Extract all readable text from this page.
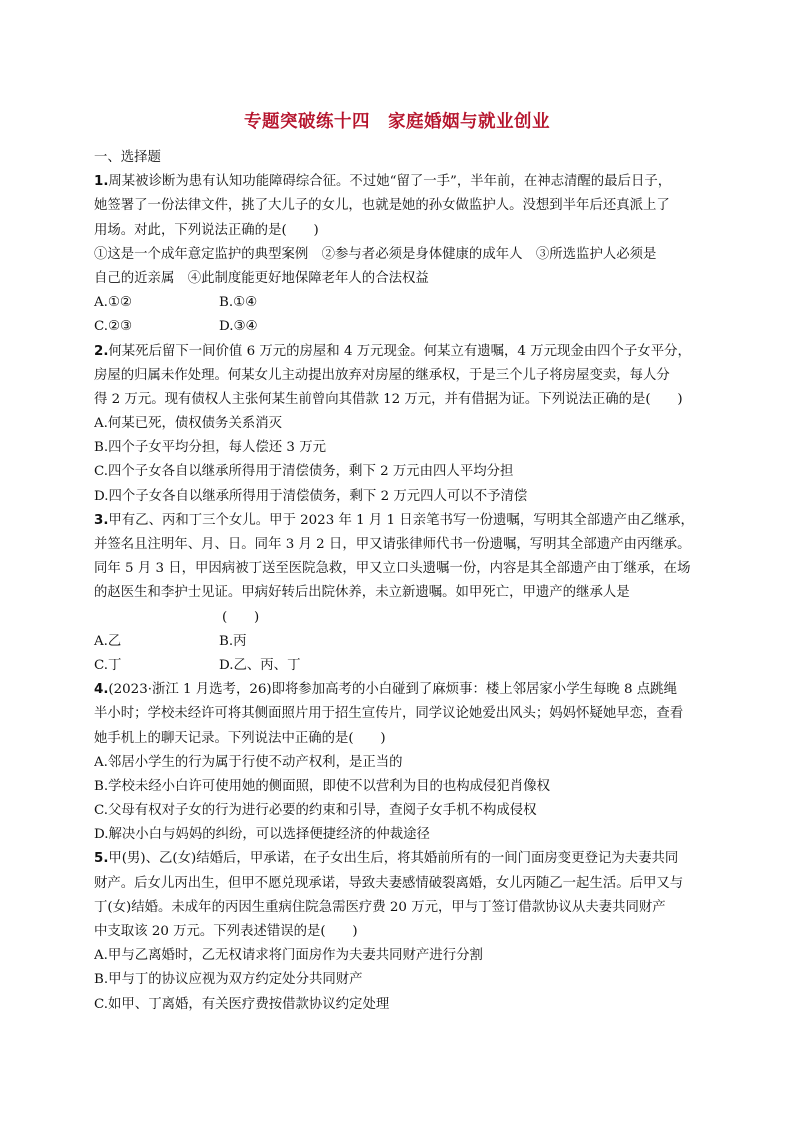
专题突破练十四　家庭婚姻与就业创业
一、选择题
1.周某被诊断为患有认知功能障碍综合征。不过她“留了一手”，半年前，在神志清醒的最后日子，
她签署了一份法律文件，挑了大儿子的女儿，也就是她的孙女做监护人。没想到半年后还真派上了
用场。对此，下列说法正确的是(　　)
①这是一个成年意定监护的典型案例　②参与者必须是身体健康的成年人　③所选监护人必须是
自己的近亲属　④此制度能更好地保障老年人的合法权益
A.①②	B.①④
C.②③	D.③④
2.何某死后留下一间价值 6 万元的房屋和 4 万元现金。何某立有遗嘱，4 万元现金由四个子女平分，
房屋的归属未作处理。何某女儿主动提出放弃对房屋的继承权，于是三个儿子将房屋变卖，每人分
得 2 万元。现有债权人主张何某生前曾向其借款 12 万元，并有借据为证。下列说法正确的是(　　)
A.何某已死，债权债务关系消灭
B.四个子女平均分担，每人偿还 3 万元
C.四个子女各自以继承所得用于清偿债务，剩下 2 万元由四人平均分担
D.四个子女各自以继承所得用于清偿债务，剩下 2 万元四人可以不予清偿
3.甲有乙、丙和丁三个女儿。甲于 2023 年 1 月 1 日亲笔书写一份遗嘱，写明其全部遗产由乙继承，
并签名且注明年、月、日。同年 3 月 2 日，甲又请张律师代书一份遗嘱，写明其全部遗产由丙继承。
同年 5 月 3 日，甲因病被丁送至医院急救，甲又立口头遗嘱一份，内容是其全部遗产由丁继承，在场
的赵医生和李护士见证。甲病好转后出院休养，未立新遗嘱。如甲死亡，甲遗产的继承人是
(　　)
A.乙	B.丙
C.丁	D.乙、丙、丁
4.(2023·浙江 1 月选考，26)即将参加高考的小白碰到了麻烦事：楼上邻居家小学生每晚 8 点跳绳
半小时；学校未经许可将其侧面照片用于招生宣传片，同学议论她爱出风头；妈妈怀疑她早恋，查看
她手机上的聊天记录。下列说法中正确的是(　　)
A.邻居小学生的行为属于行使不动产权利，是正当的
B.学校未经小白许可使用她的侧面照，即使不以营利为目的也构成侵犯肖像权
C.父母有权对子女的行为进行必要的约束和引导，查阅子女手机不构成侵权
D.解决小白与妈妈的纠纷，可以选择便捷经济的仲裁途径
5.甲(男)、乙(女)结婚后，甲承诺，在子女出生后，将其婚前所有的一间门面房变更登记为夫妻共同
财产。后女儿丙出生，但甲不愿兑现承诺，导致夫妻感情破裂离婚，女儿丙随乙一起生活。后甲又与
丁(女)结婚。未成年的丙因生重病住院急需医疗费 20 万元，甲与丁签订借款协议从夫妻共同财产
中支取该 20 万元。下列表述错误的是(　　)
A.甲与乙离婚时，乙无权请求将门面房作为夫妻共同财产进行分割
B.甲与丁的协议应视为双方约定处分共同财产
C.如甲、丁离婚，有关医疗费按借款协议约定处理
